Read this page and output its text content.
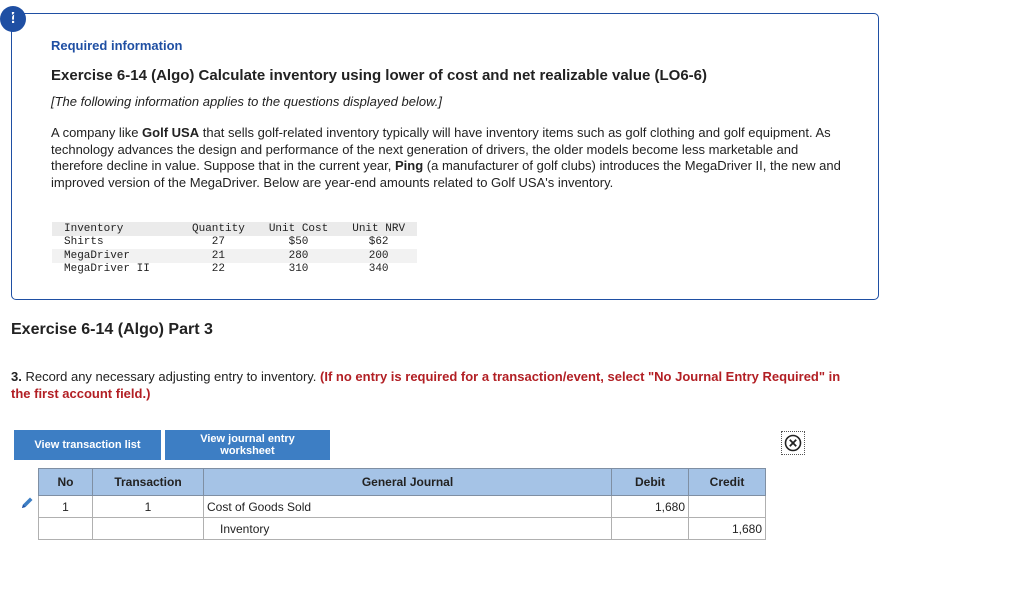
!

Required information

Exercise 6-14 (Algo) Calculate inventory using lower of cost and net realizable value (LO6-6)

[The following information applies to the questions displayed below.]

A company like Golf USA that sells golf-related inventory typically will have inventory items such as golf clothing and golf equipment. As technology advances the design and performance of the next generation of drivers, the older models become less marketable and therefore decline in value. Suppose that in the current year, Ping (a manufacturer of golf clubs) introduces the MegaDriver II, the new and improved version of the MegaDriver. Below are year-end amounts related to Golf USA's inventory.

Inventory	Quantity	Unit Cost	Unit NRV
Shirts	27	$50	$62
MegaDriver	21	280	200
MegaDriver II	22	310	340

Exercise 6-14 (Algo) Part 3

3. Record any necessary adjusting entry to inventory. (If no entry is required for a transaction/event, select "No Journal Entry Required" in the first account field.)

View transaction list	View journal entry worksheet
No	Transaction	General Journal	Debit	Credit
1	1	Cost of Goods Sold	1,680	
		Inventory		1,680
